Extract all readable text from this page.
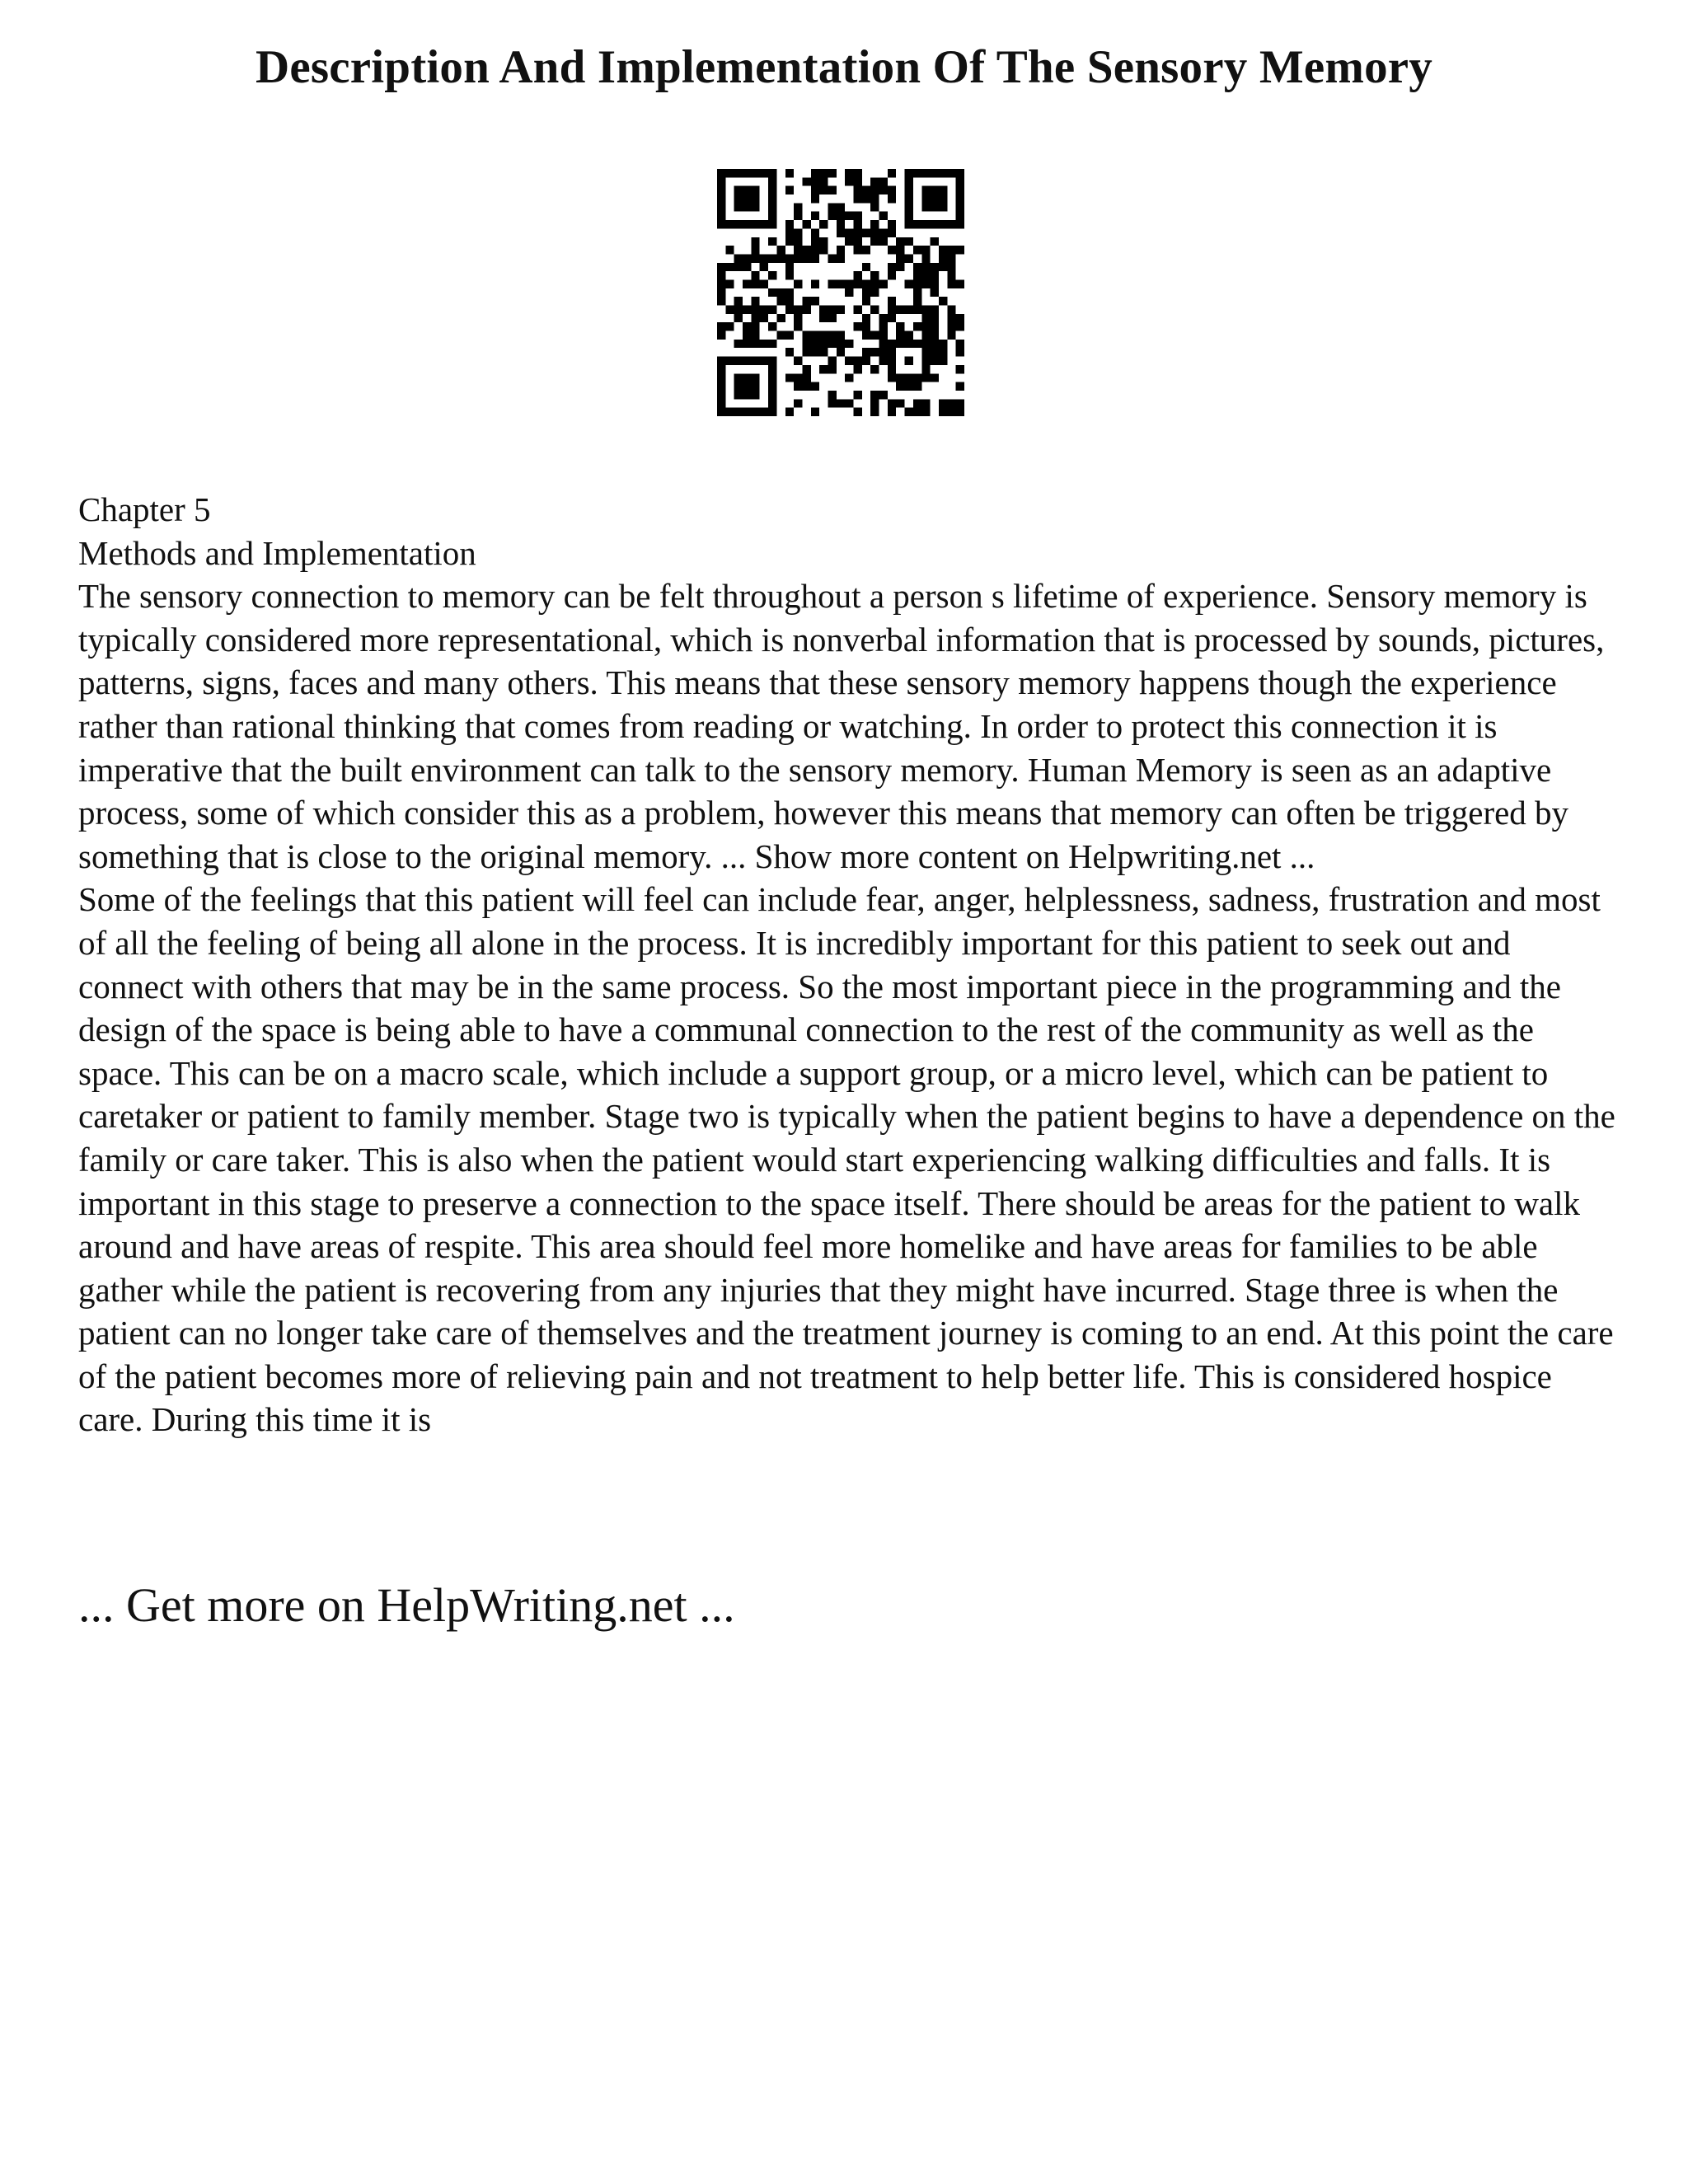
Description And Implementation Of The Sensory Memory

Chapter 5

Methods and Implementation

The sensory connection to memory can be felt throughout a person s lifetime of experience. Sensory memory is typically considered more representational, which is nonverbal information that is processed by sounds, pictures, patterns, signs, faces and many others. This means that these sensory memory happens though the experience rather than rational thinking that comes from reading or watching. In order to protect this connection it is imperative that the built environment can talk to the sensory memory. Human Memory is seen as an adaptive process, some of which consider this as a problem, however this means that memory can often be triggered by something that is close to the original memory. ... Show more content on Helpwriting.net ...

Some of the feelings that this patient will feel can include fear, anger, helplessness, sadness, frustration and most of all the feeling of being all alone in the process. It is incredibly important for this patient to seek out and connect with others that may be in the same process. So the most important piece in the programming and the design of the space is being able to have a communal connection to the rest of the community as well as the space. This can be on a macro scale, which include a support group, or a micro level, which can be patient to caretaker or patient to family member. Stage two is typically when the patient begins to have a dependence on the family or care taker. This is also when the patient would start experiencing walking difficulties and falls. It is important in this stage to preserve a connection to the space itself. There should be areas for the patient to walk around and have areas of respite. This area should feel more homelike and have areas for families to be able gather while the patient is recovering from any injuries that they might have incurred. Stage three is when the patient can no longer take care of themselves and the treatment journey is coming to an end. At this point the care of the patient becomes more of relieving pain and not treatment to help better life. This is considered hospice care. During this time it is

... Get more on HelpWriting.net ...
